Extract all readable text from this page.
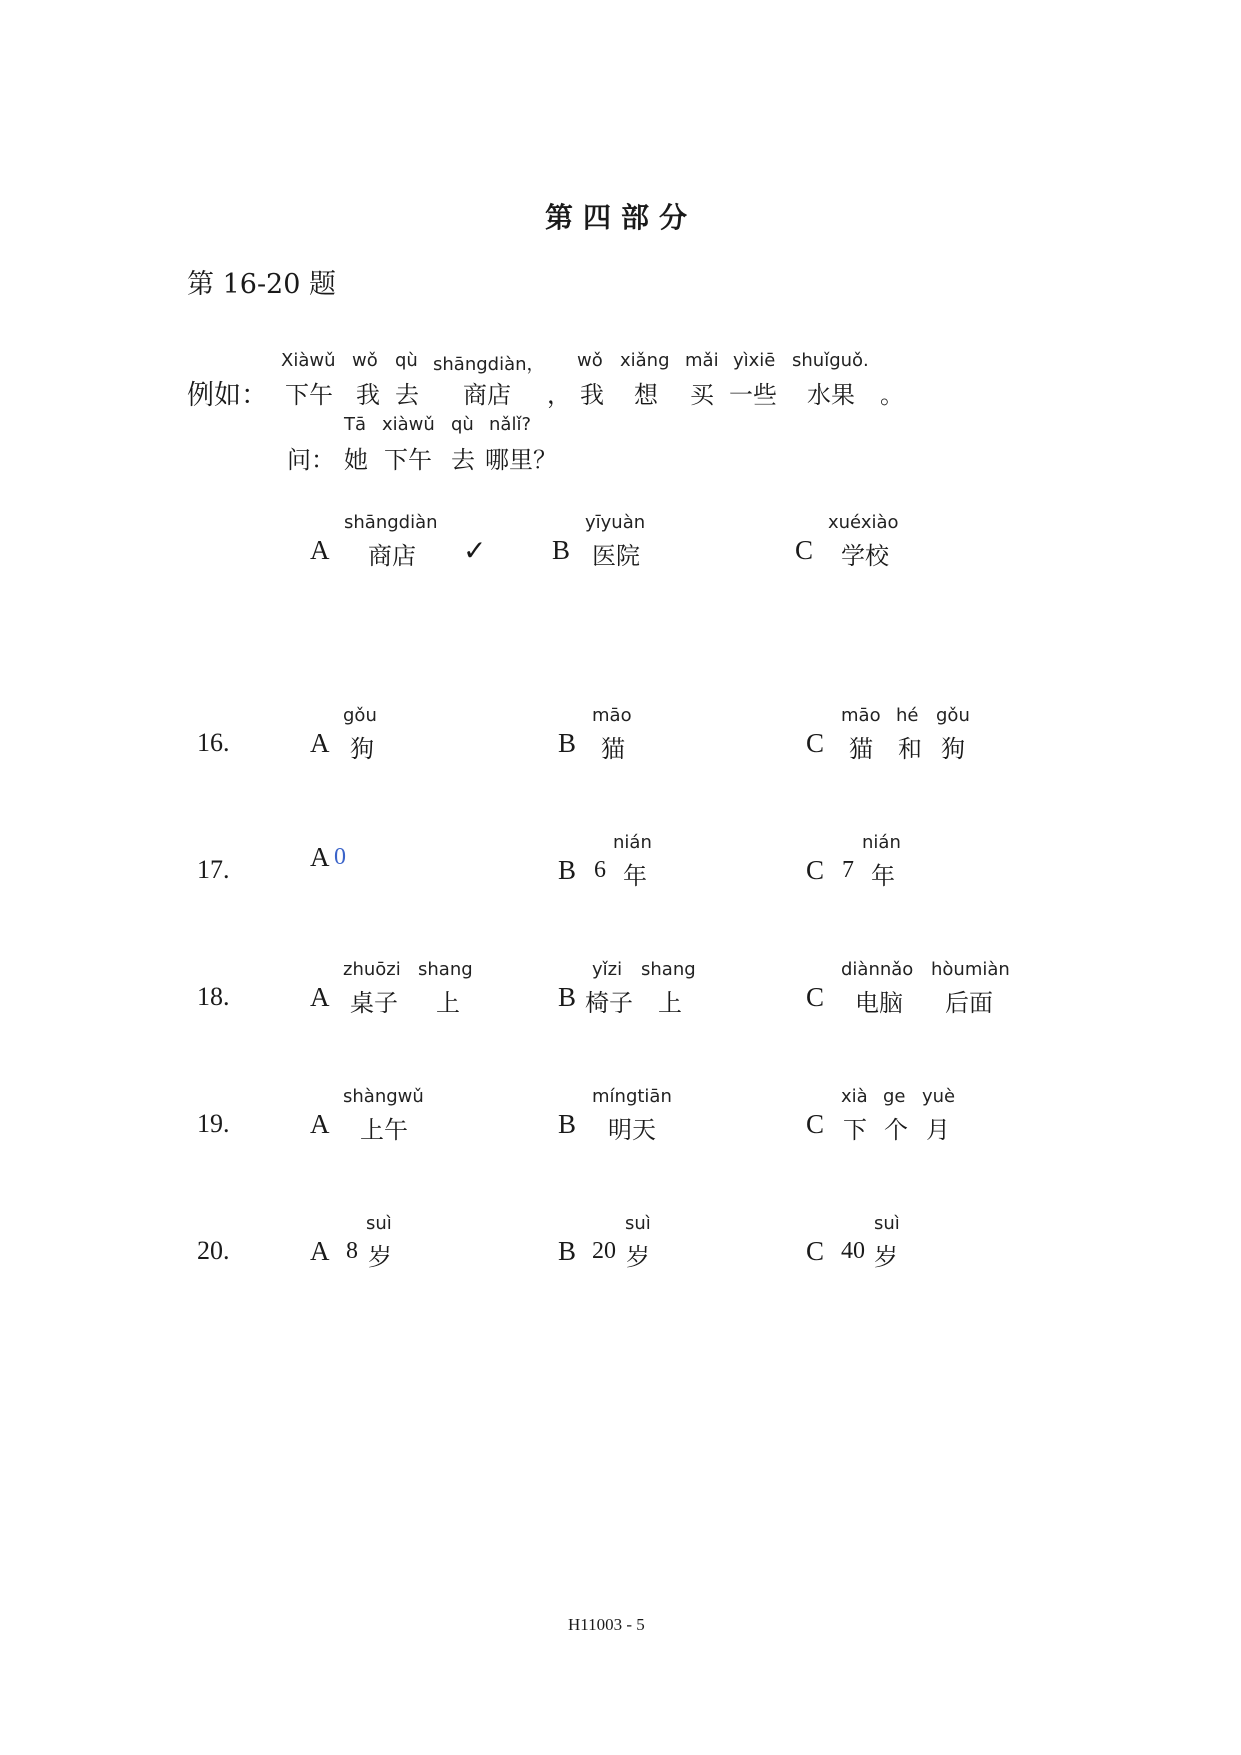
第四部分
第 16-20 题
例如：
Xiàwǔ wǒ qù shāngdiàn， wǒ xiǎng mǎi yìxiē shuǐguǒ.
下午 我 去 商店 ， 我 想 买 一些 水果 。
Tā xiàwǔ qù nǎlǐ?
问： 她 下午 去 哪里？
shāngdiàn
A 商店 ✓
yīyuàn
B 医院
xuéxiào
C 学校
16.
gǒu
A 狗
māo
B 猫
māo hé gǒu
C 猫 和 狗
17.	A 0
nián
B 6 年
nián
C 7 年
18.
zhuōzi shang
A 桌子 上
yǐzi shang
B 椅子 上
diànnǎo hòumiàn
C 电脑 后面
19.
shàngwǔ
A 上午
míngtiān
B 明天
xià ge yuè
C 下 个 月
20.
suì
A 8 岁
suì
B 20 岁
suì
C 40 岁
H11003 - 5
